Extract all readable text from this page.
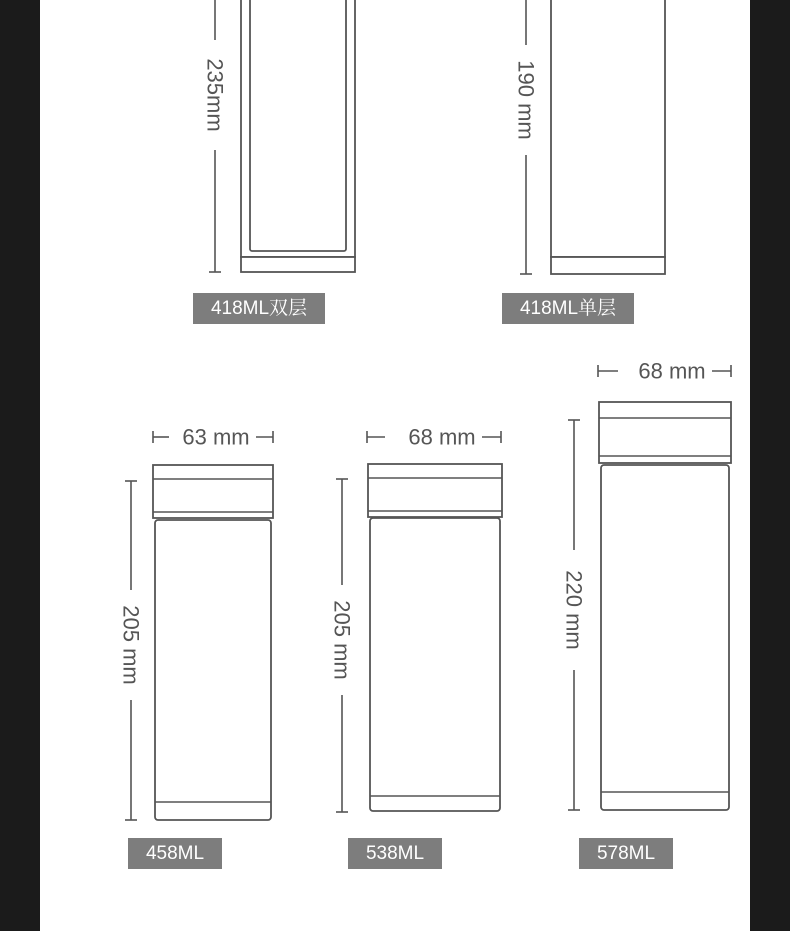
235mm	190 mm
63 mm
205 mm
68 mm
205 mm
68 mm
220 mm
418ML双层	418ML单层
458ML	538ML	578ML
